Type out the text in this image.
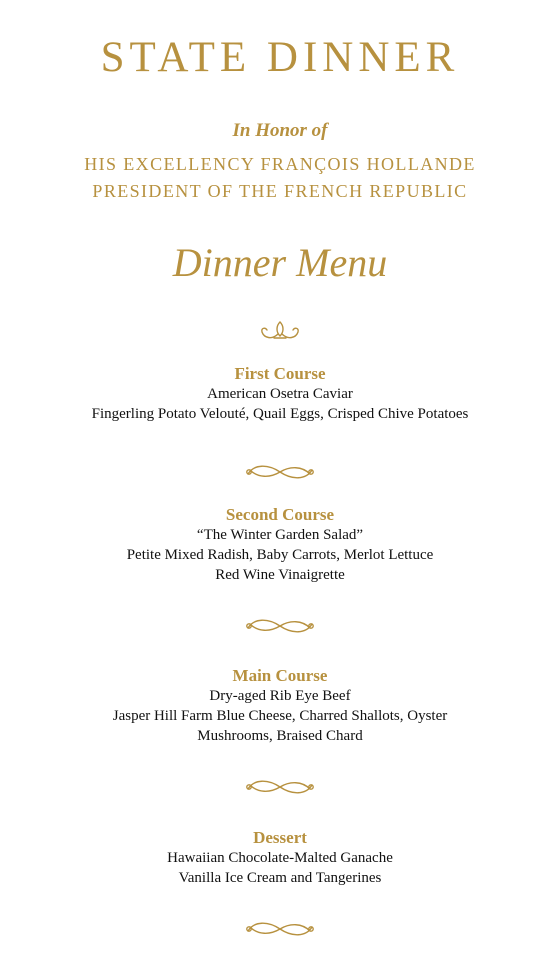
STATE DINNER
In Honor of
HIS EXCELLENCY FRANÇOIS HOLLANDE
PRESIDENT OF THE FRENCH REPUBLIC
Dinner Menu
First Course
American Osetra Caviar
Fingerling Potato Velouté, Quail Eggs, Crisped Chive Potatoes
Second Course
“The Winter Garden Salad”
Petite Mixed Radish, Baby Carrots, Merlot Lettuce
Red Wine Vinaigrette
Main Course
Dry-aged Rib Eye Beef
Jasper Hill Farm Blue Cheese, Charred Shallots, Oyster
Mushrooms, Braised Chard
Dessert
Hawaiian Chocolate-Malted Ganache
Vanilla Ice Cream and Tangerines
